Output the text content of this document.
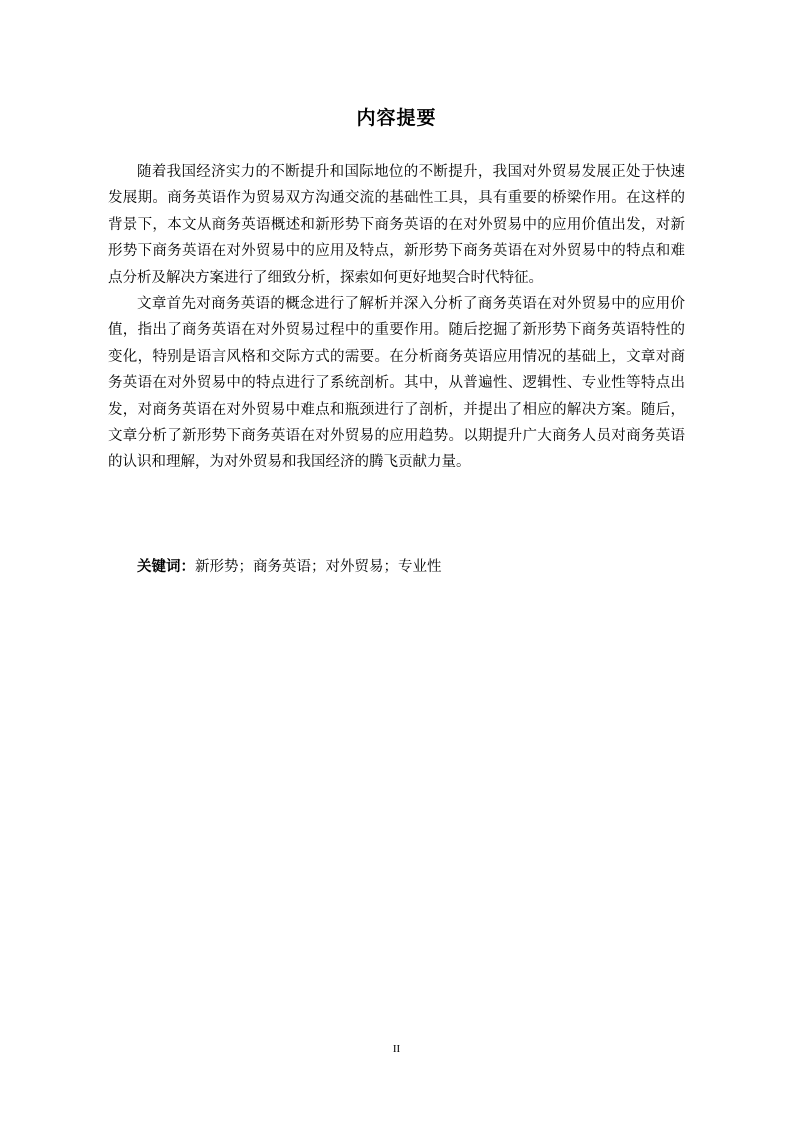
内容提要

随着我国经济实力的不断提升和国际地位的不断提升，我国对外贸易发展正处于快速发展期。商务英语作为贸易双方沟通交流的基础性工具，具有重要的桥梁作用。在这样的背景下，本文从商务英语概述和新形势下商务英语的在对外贸易中的应用价值出发，对新形势下商务英语在对外贸易中的应用及特点，新形势下商务英语在对外贸易中的特点和难点分析及解决方案进行了细致分析，探索如何更好地契合时代特征。

文章首先对商务英语的概念进行了解析并深入分析了商务英语在对外贸易中的应用价值，指出了商务英语在对外贸易过程中的重要作用。随后挖掘了新形势下商务英语特性的变化，特别是语言风格和交际方式的需要。在分析商务英语应用情况的基础上，文章对商务英语在对外贸易中的特点进行了系统剖析。其中，从普遍性、逻辑性、专业性等特点出发，对商务英语在对外贸易中难点和瓶颈进行了剖析，并提出了相应的解决方案。随后，文章分析了新形势下商务英语在对外贸易的应用趋势。以期提升广大商务人员对商务英语的认识和理解，为对外贸易和我国经济的腾飞贡献力量。

关键词：新形势；商务英语；对外贸易；专业性
II
